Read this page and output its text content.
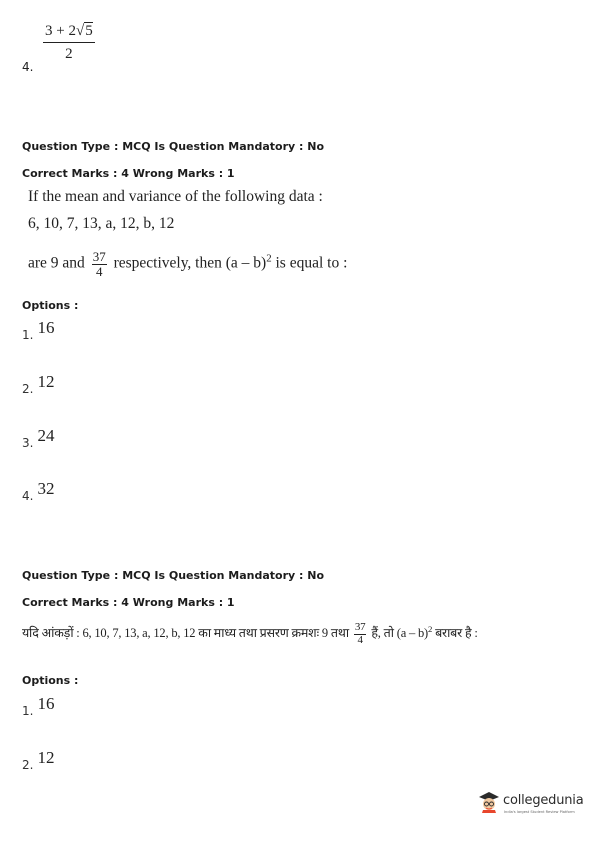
4.
$\frac{3 + 2√5}{2}$
Question Type : MCQ Is Question Mandatory : No
Correct Marks : 4 Wrong Marks : 1
If the mean and variance of the following data :
6, 10, 7, 13, a, 12, b, 12
are 9 and $\frac{37}{4}$ respectively, then (a – b)$^2$ is equal to :
Options :
$_{1.}$ 16
$_{2.}$ 12
$_{3.}$ 24
$_{4.}$ 32
Question Type : MCQ Is Question Mandatory : No
Correct Marks : 4 Wrong Marks : 1
यदि आंकड़ों : 6, 10, 7, 13, a, 12, b, 12 का माध्य तथा प्रसरण क्रमशः 9 तथा $\frac{37}{4}$ हैं, तो (a – b)$^2$ बराबर है :
Options :
$_{1.}$ 16
$_{2.}$ 12
collegedunia
India's largest Student Review Platform
